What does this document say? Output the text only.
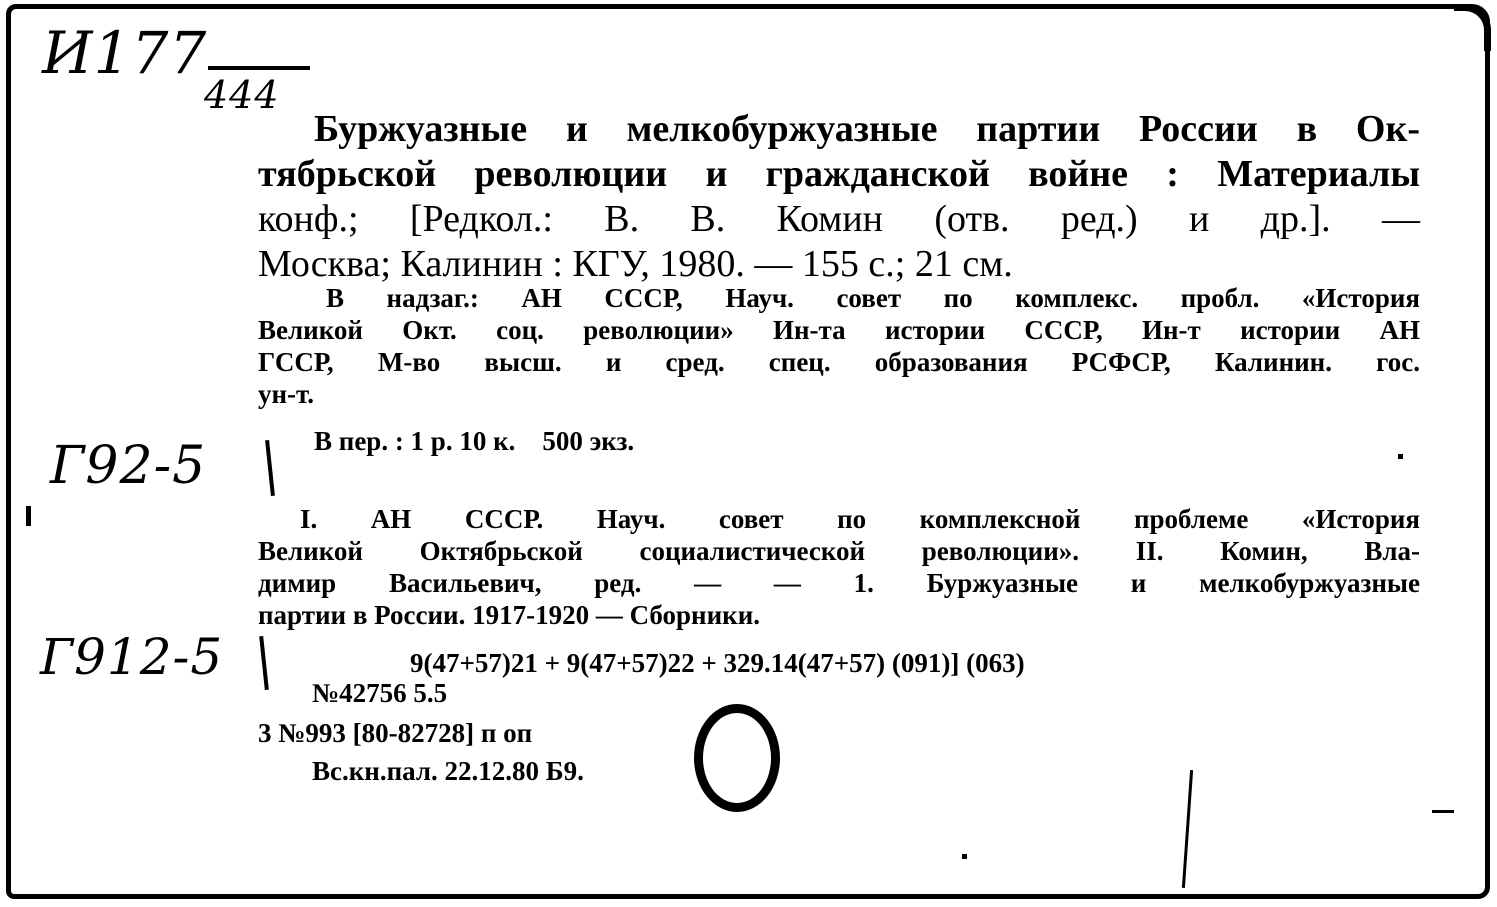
И177
444
Г92-5
Г912-5
Буржуазные и мелкобуржуазные партии России в Ок-
тябрьской революции и гражданской войне : Материалы
конф.; [Редкол.: В. В. Комин (отв. ред.) и др.]. —
Москва; Калинин : КГУ, 1980. — 155 с.; 21 см.
В надзаг.: АН СССР, Науч. совет по комплекс. пробл. «История
Великой Окт. соц. революции» Ин-та истории СССР, Ин-т истории АН
ГССР, М-во высш. и сред. спец. образования РСФСР, Калинин. гос.
ун-т.
В пер. : 1 р. 10 к.    500 экз.
I. АН СССР. Науч. совет по комплексной проблеме «История
Великой Октябрьской социалистической революции». II. Комин, Вла-
димир Васильевич, ред. — — 1. Буржуазные и мелкобуржуазные
партии в России. 1917-1920 — Сборники.
9(47+57)21 + 9(47+57)22 + 329.14(47+57) (091)] (063)
№42756 5.5
3 №993 [80-82728] п оп
Вс.кн.пал. 22.12.80 Б9.
